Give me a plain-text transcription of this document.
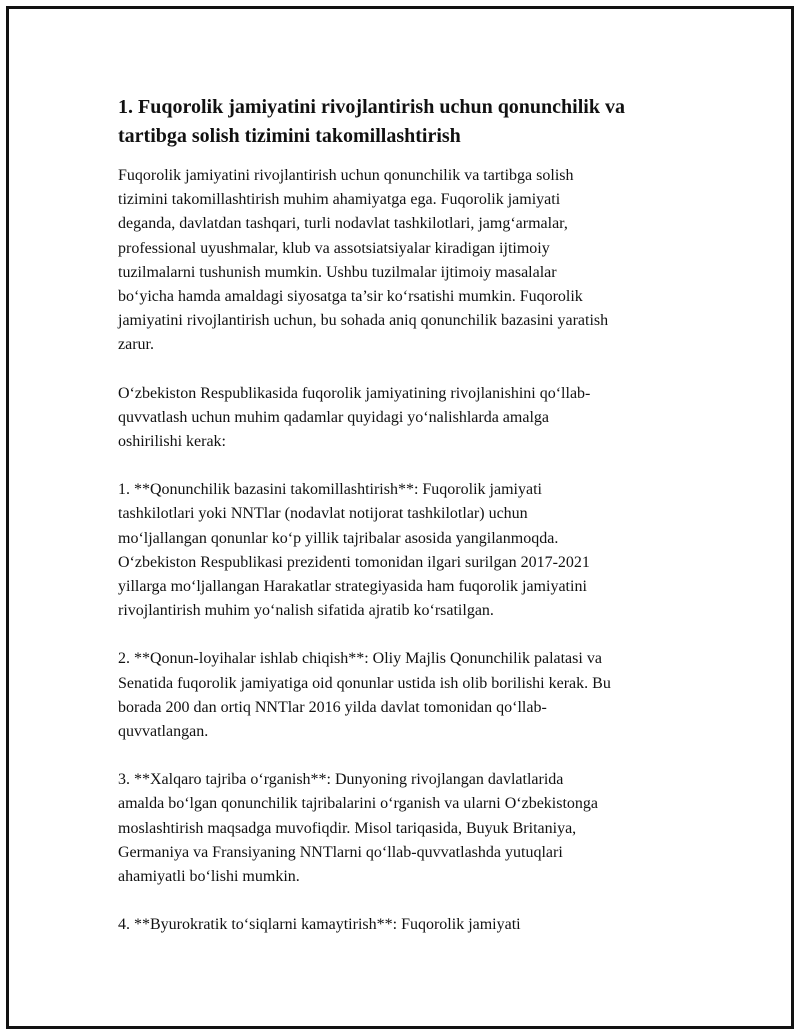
1. Fuqorolik jamiyatini rivojlantirish uchun qonunchilik va
tartibga solish tizimini takomillashtirish

Fuqorolik jamiyatini rivojlantirish uchun qonunchilik va tartibga solish
tizimini takomillashtirish muhim ahamiyatga ega. Fuqorolik jamiyati
deganda, davlatdan tashqari, turli nodavlat tashkilotlari, jamg‘armalar,
professional uyushmalar, klub va assotsiatsiyalar kiradigan ijtimoiy
tuzilmalarni tushunish mumkin. Ushbu tuzilmalar ijtimoiy masalalar
bo‘yicha hamda amaldagi siyosatga ta’sir ko‘rsatishi mumkin. Fuqorolik
jamiyatini rivojlantirish uchun, bu sohada aniq qonunchilik bazasini yaratish
zarur.

O‘zbekiston Respublikasida fuqorolik jamiyatining rivojlanishini qo‘llab-
quvvatlash uchun muhim qadamlar quyidagi yo‘nalishlarda amalga
oshirilishi kerak:

1. **Qonunchilik bazasini takomillashtirish**: Fuqorolik jamiyati
tashkilotlari yoki NNTlar (nodavlat notijorat tashkilotlar) uchun
mo‘ljallangan qonunlar ko‘p yillik tajribalar asosida yangilanmoqda.
O‘zbekiston Respublikasi prezidenti tomonidan ilgari surilgan 2017-2021
yillarga mo‘ljallangan Harakatlar strategiyasida ham fuqorolik jamiyatini
rivojlantirish muhim yo‘nalish sifatida ajratib ko‘rsatilgan.

2. **Qonun-loyihalar ishlab chiqish**: Oliy Majlis Qonunchilik palatasi va
Senatida fuqorolik jamiyatiga oid qonunlar ustida ish olib borilishi kerak. Bu
borada 200 dan ortiq NNTlar 2016 yilda davlat tomonidan qo‘llab-
quvvatlangan.

3. **Xalqaro tajriba o‘rganish**: Dunyoning rivojlangan davlatlarida
amalda bo‘lgan qonunchilik tajribalarini o‘rganish va ularni O‘zbekistonga
moslashtirish maqsadga muvofiqdir. Misol tariqasida, Buyuk Britaniya,
Germaniya va Fransiyaning NNTlarni qo‘llab-quvvatlashda yutuqlari
ahamiyatli bo‘lishi mumkin.

4. **Byurokratik to‘siqlarni kamaytirish**: Fuqorolik jamiyati
